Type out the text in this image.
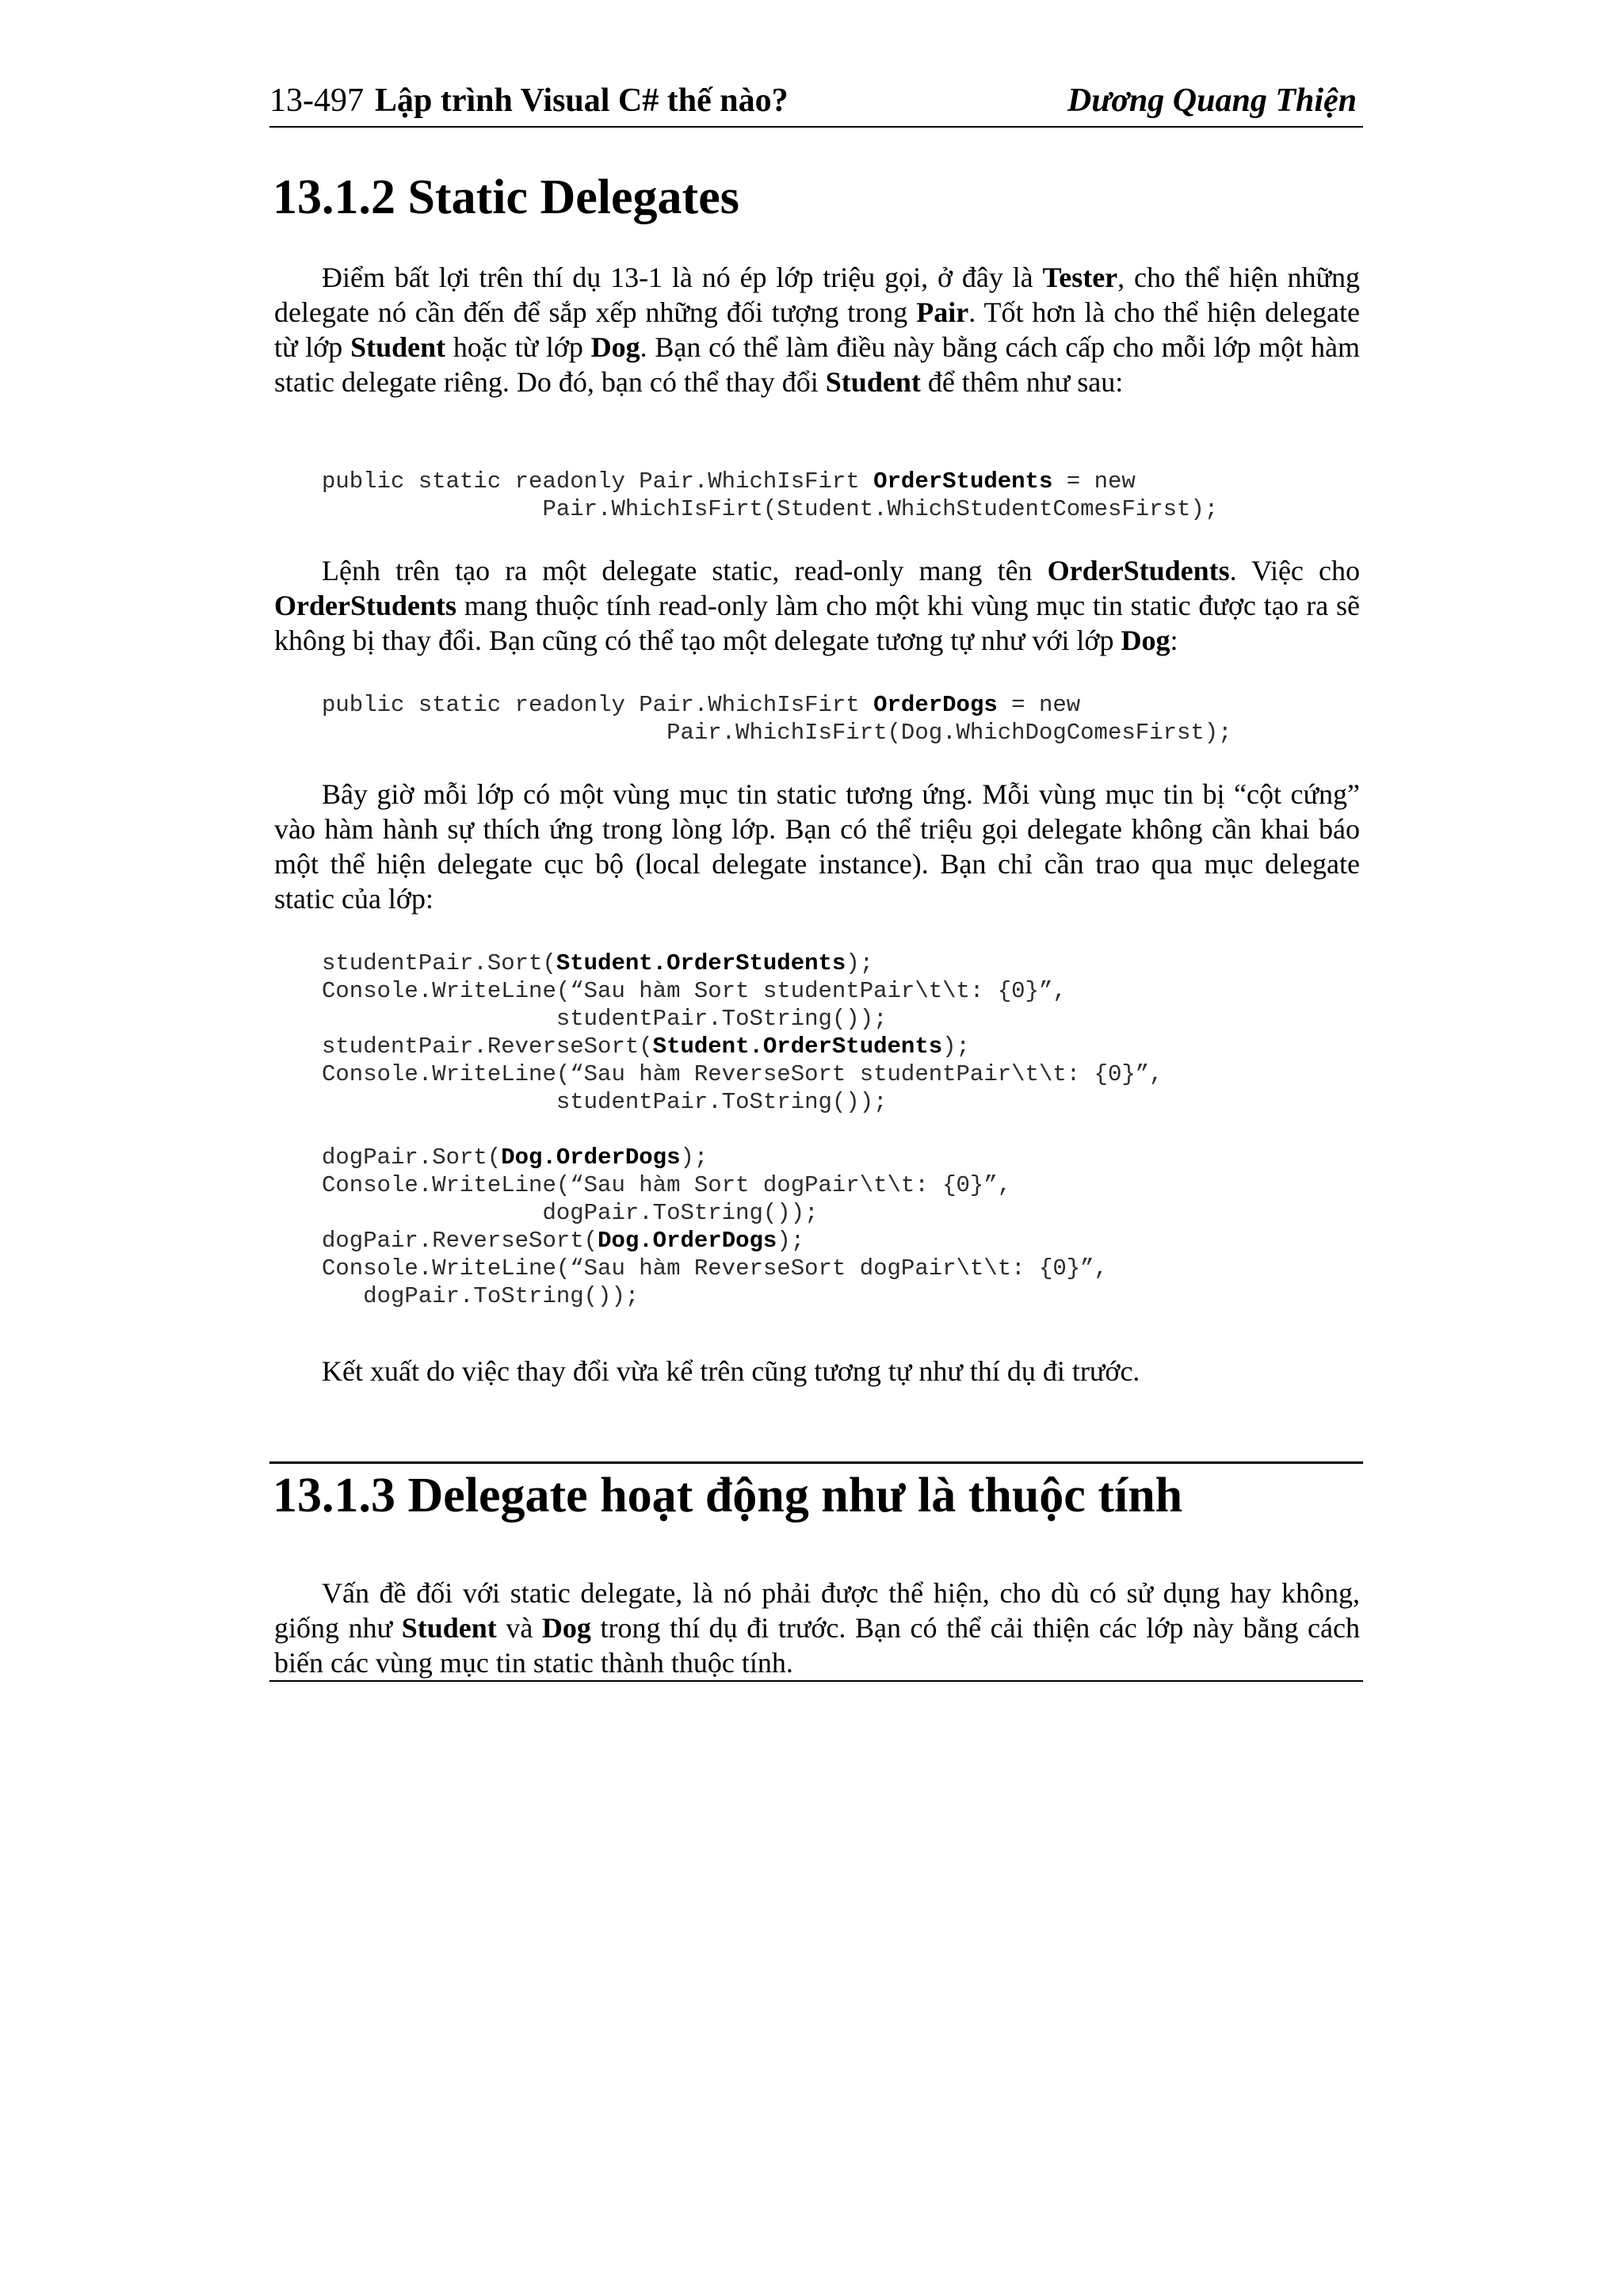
13-497 Lập trình Visual C# thế nào?	Dương Quang Thiện
13.1.2 Static Delegates

Điểm bất lợi trên thí dụ 13-1 là nó ép lớp triệu gọi, ở đây là Tester, cho thể hiện những delegate nó cần đến để sắp xếp những đối tượng trong Pair. Tốt hơn là cho thể hiện delegate từ lớp Student hoặc từ lớp Dog. Bạn có thể làm điều này bằng cách cấp cho mỗi lớp một hàm static delegate riêng. Do đó, bạn có thể thay đổi Student để thêm như sau:

public static readonly Pair.WhichIsFirt OrderStudents = new
Pair.WhichIsFirt(Student.WhichStudentComesFirst);

Lệnh trên tạo ra một delegate static, read-only mang tên OrderStudents. Việc cho OrderStudents mang thuộc tính read-only làm cho một khi vùng mục tin static được tạo ra sẽ không bị thay đổi. Bạn cũng có thể tạo một delegate tương tự như với lớp Dog:

public static readonly Pair.WhichIsFirt OrderDogs = new
Pair.WhichIsFirt(Dog.WhichDogComesFirst);

Bây giờ mỗi lớp có một vùng mục tin static tương ứng. Mỗi vùng mục tin bị “cột cứng” vào hàm hành sự thích ứng trong lòng lớp. Bạn có thể triệu gọi delegate không cần khai báo một thể hiện delegate cục bộ (local delegate instance). Bạn chỉ cần trao qua mục delegate static của lớp:

studentPair.Sort(Student.OrderStudents);
Console.WriteLine(“Sau hàm Sort studentPair\t\t: {0}”,
studentPair.ToString());
studentPair.ReverseSort(Student.OrderStudents);
Console.WriteLine(“Sau hàm ReverseSort studentPair\t\t: {0}”,
studentPair.ToString());

dogPair.Sort(Dog.OrderDogs);
Console.WriteLine(“Sau hàm Sort dogPair\t\t: {0}”,
dogPair.ToString());
dogPair.ReverseSort(Dog.OrderDogs);
Console.WriteLine(“Sau hàm ReverseSort dogPair\t\t: {0}”,
dogPair.ToString());

Kết xuất do việc thay đổi vừa kể trên cũng tương tự như thí dụ đi trước.

13.1.3 Delegate hoạt động như là thuộc tính

Vấn đề đối với static delegate, là nó phải được thể hiện, cho dù có sử dụng hay không, giống như Student và Dog trong thí dụ đi trước. Bạn có thể cải thiện các lớp này bằng cách biến các vùng mục tin static thành thuộc tính.
